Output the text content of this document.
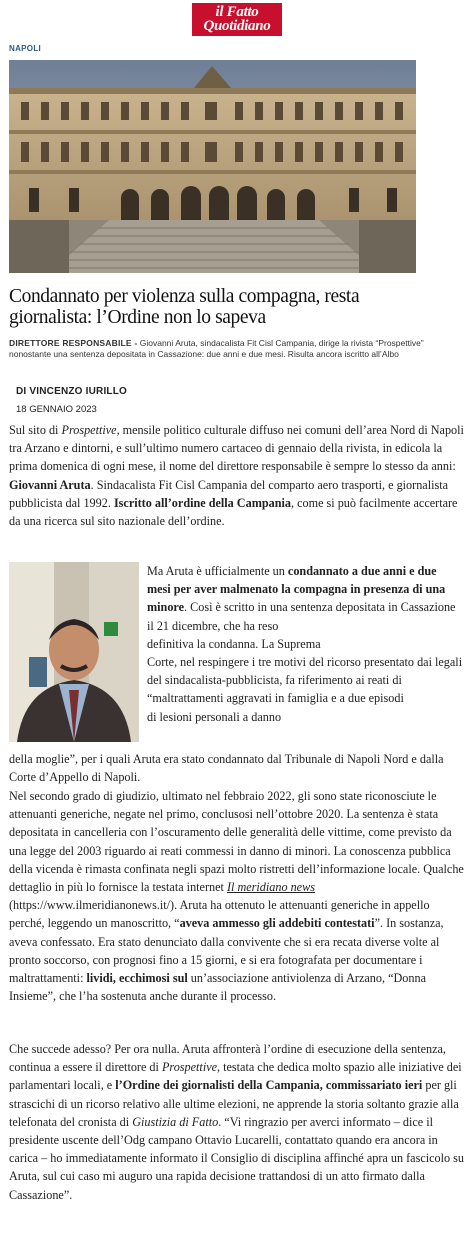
il Fatto
Quotidiano
NAPOLI
Condannato per violenza sulla compagna, resta giornalista: l’Ordine non lo sapeva
DIRETTORE RESPONSABILE - Giovanni Aruta, sindacalista Fit Cisl Campania, dirige la rivista “Prospettive” nonostante una sentenza depositata in Cassazione: due anni e due mesi. Risulta ancora iscritto all’Albo
DI VINCENZO IURILLO
18 GENNAIO 2023

Sul sito di Prospettive, mensile politico culturale diffuso nei comuni dell’area Nord di Napoli tra Arzano e dintorni, e sull’ultimo numero cartaceo di gennaio della rivista, in edicola la prima domenica di ogni mese, il nome del direttore responsabile è sempre lo stesso da anni: Giovanni Aruta. Sindacalista Fit Cisl Campania del comparto aero trasporti, e giornalista pubblicista dal 1992. Iscritto all’ordine della Campania, come si può facilmente accertare da una ricerca sul sito nazionale dell’ordine.

Ma Aruta è ufficialmente un condannato a due anni e due mesi per aver malmenato la compagna in presenza di una minore. Così è scritto in una sentenza depositata in Cassazioneil 21 dicembre, che ha reso
definitiva la condanna. La Suprema
Corte, nel respingere i tre motivi del ricorso presentato dai legali del sindacalista-pubblicista, fa riferimento ai reati di “maltrattamenti aggravati in famiglia e a due episodi
di lesioni personali a danno

della moglie”, per i quali Aruta era stato condannato dal Tribunale di Napoli Nord e dalla Corte d’Appello di Napoli.

Nel secondo grado di giudizio, ultimato nel febbraio 2022, gli sono state riconosciute le attenuanti generiche, negate nel primo, conclusosi nell’ottobre 2020. La sentenza è stata depositata in cancelleria con l’oscuramento delle generalità delle vittime, come previsto da una legge del 2003 riguardo ai reati commessi in danno di minori. La conoscenza pubblica della vicenda è rimasta confinata negli spazi molto ristretti dell’informazione locale. Qualche dettaglio in più lo fornisce la testata internet Il meridiano news (https://www.ilmeridianonews.it/). Aruta ha ottenuto le attenuanti generiche in appello perché, leggendo un manoscritto, “aveva ammesso gli addebiti contestati”. In sostanza, aveva confessato. Era stato denunciato dalla convivente che si era recata diverse volte al pronto soccorso, con prognosi fino a 15 giorni, e si era fotografata per documentare i maltrattamenti: lividi, ecchimosi sul un’associazione antiviolenza di Arzano, “Donna Insieme”, che l’ha sostenuta anche durante il processo.

Che succede adesso? Per ora nulla. Aruta affronterà l’ordine di esecuzione della sentenza, continua a essere il direttore di Prospettive, testata che dedica molto spazio alle iniziative dei parlamentari locali, e l’Ordine dei giornalisti della Campania, commissariato ieri per gli strascichi di un ricorso relativo alle ultime elezioni, ne apprende la storia soltanto grazie alla telefonata del cronista di Giustizia di Fatto. “Vi ringrazio per averci informato – dice il presidente uscente dell’Odg campano Ottavio Lucarelli, contattato quando era ancora in carica – ho immediatamente informato il Consiglio di disciplina affinché apra un fascicolo su Aruta, sul cui caso mi auguro una rapida decisione trattandosi di un atto firmato dalla Cassazione”.
